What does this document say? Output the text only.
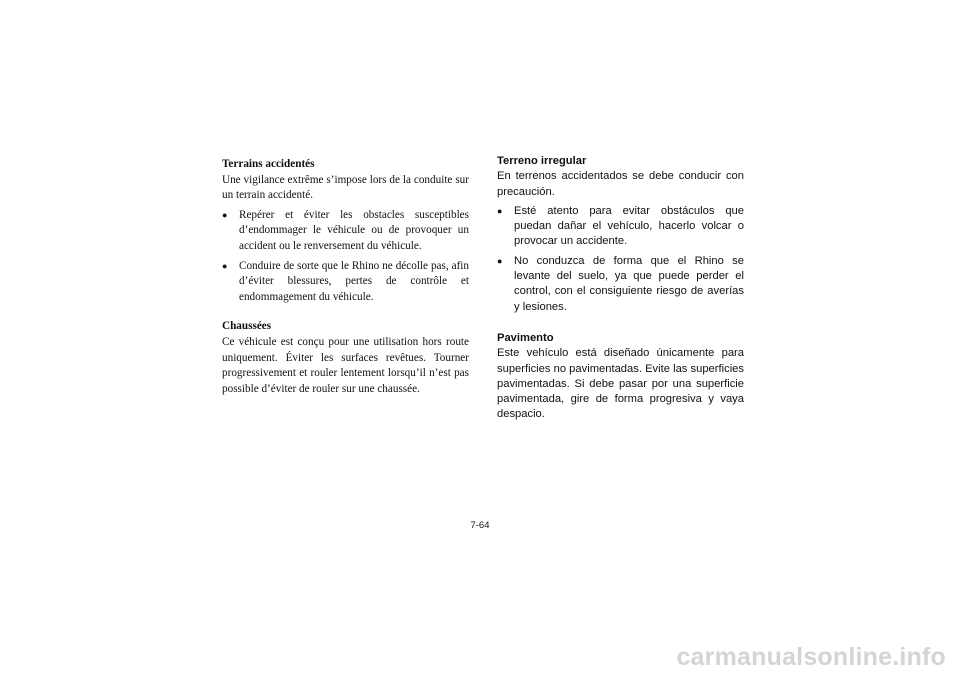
Terrains accidentés

Une vigilance extrême s’impose lors de la conduite sur un terrain accidenté.

● Repérer et éviter les obstacles susceptibles d’endommager le véhicule ou de provoquer un accident ou le renversement du véhicule.
● Conduire de sorte que le Rhino ne décolle pas, afin d’éviter blessures, pertes de contrôle et endommagement du véhicule.

Chaussées

Ce véhicule est conçu pour une utilisation hors route uniquement. Éviter les surfaces revêtues. Tourner progressivement et rouler lentement lorsqu’il n’est pas possible d’éviter de rouler sur une chaussée.

Terreno irregular

En terrenos accidentados se debe conducir con precaución.

● Esté atento para evitar obstáculos que puedan dañar el vehículo, hacerlo volcar o provocar un accidente.
● No conduzca de forma que el Rhino se levante del suelo, ya que puede perder el control, con el consiguiente riesgo de averías y lesiones.

Pavimento

Este vehículo está diseñado únicamente para superficies no pavimentadas. Evite las superficies pavimentadas. Si debe pasar por una superficie pavimentada, gire de forma progresiva y vaya despacio.

7-64
carmanualsonline.info
